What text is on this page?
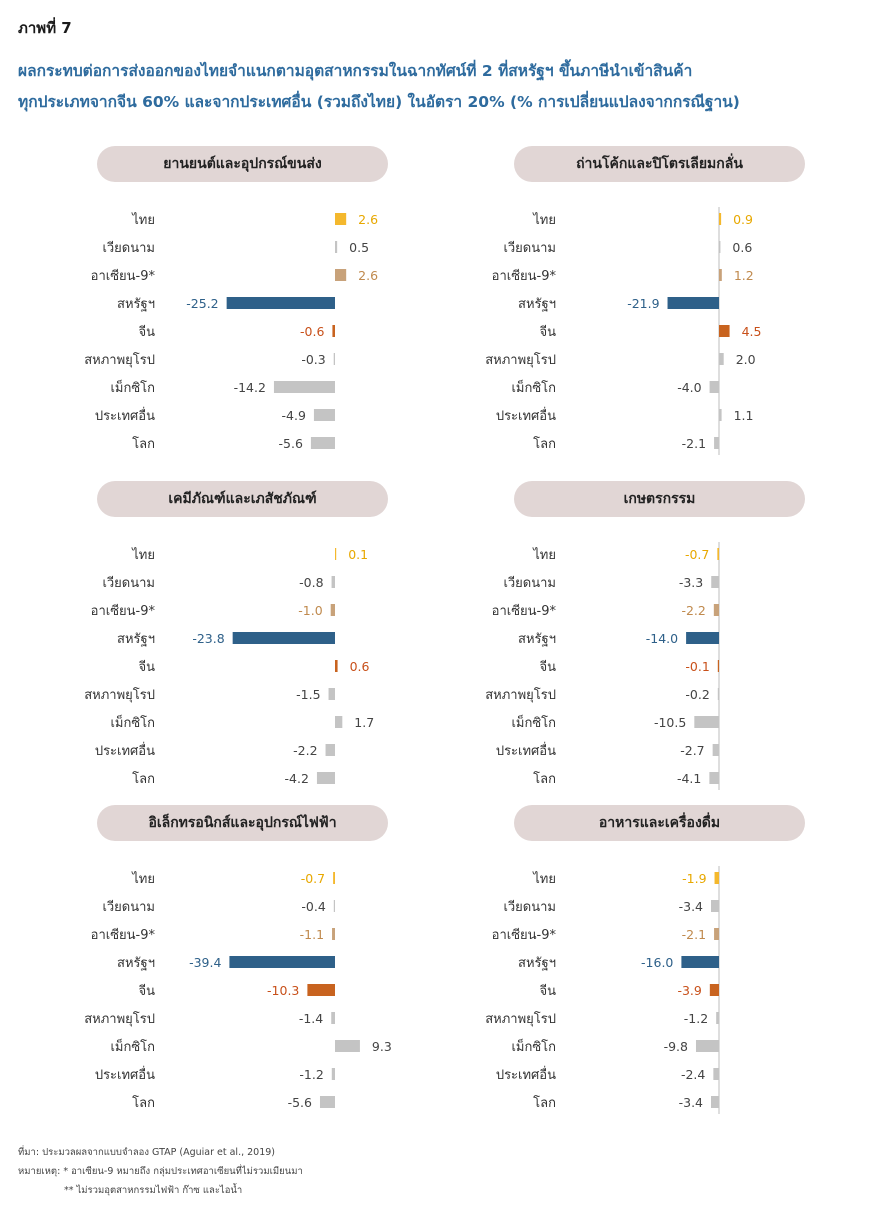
ภาพที่ 7
ผลกระทบต่อการส่งออกของไทยจำแนกตามอุตสาหกรรมในฉากทัศน์ที่ 2 ที่สหรัฐฯ ขึ้นภาษีนำเข้าสินค้า
ทุกประเภทจากจีน 60% และจากประเทศอื่น (รวมถึงไทย) ในอัตรา 20% (% การเปลี่ยนแปลงจากกรณีฐาน)
ยานยนต์และอุปกรณ์ขนส่ง
ไทย	2.6
เวียดนาม	0.5
อาเซียน-9*	2.6
สหรัฐฯ	-25.2
จีน	-0.6
สหภาพยุโรป	-0.3
เม็กซิโก	-14.2
ประเทศอื่น	-4.9
โลก	-5.6
ถ่านโค้กและปิโตรเลียมกลั่น
ไทย	0.9
เวียดนาม	0.6
อาเซียน-9*	1.2
สหรัฐฯ	-21.9
จีน	4.5
สหภาพยุโรป	2.0
เม็กซิโก	-4.0
ประเทศอื่น	1.1
โลก	-2.1
เคมีภัณฑ์และเภสัชภัณฑ์
ไทย	0.1
เวียดนาม	-0.8
อาเซียน-9*	-1.0
สหรัฐฯ	-23.8
จีน	0.6
สหภาพยุโรป	-1.5
เม็กซิโก	1.7
ประเทศอื่น	-2.2
โลก	-4.2
เกษตรกรรม
ไทย	-0.7
เวียดนาม	-3.3
อาเซียน-9*	-2.2
สหรัฐฯ	-14.0
จีน	-0.1
สหภาพยุโรป	-0.2
เม็กซิโก	-10.5
ประเทศอื่น	-2.7
โลก	-4.1
อิเล็กทรอนิกส์และอุปกรณ์ไฟฟ้า
ไทย	-0.7
เวียดนาม	-0.4
อาเซียน-9*	-1.1
สหรัฐฯ	-39.4
จีน	-10.3
สหภาพยุโรป	-1.4
เม็กซิโก	9.3
ประเทศอื่น	-1.2
โลก	-5.6
อาหารและเครื่องดื่ม
ไทย	-1.9
เวียดนาม	-3.4
อาเซียน-9*	-2.1
สหรัฐฯ	-16.0
จีน	-3.9
สหภาพยุโรป	-1.2
เม็กซิโก	-9.8
ประเทศอื่น	-2.4
โลก	-3.4
ที่มา: ประมวลผลจากแบบจำลอง GTAP (Aguiar et al., 2019)
หมายเหตุ: * อาเซียน-9 หมายถึง กลุ่มประเทศอาเซียนที่ไม่รวมเมียนมา
** ไม่รวมอุตสาหกรรมไฟฟ้า ก๊าซ และไอน้ำ
